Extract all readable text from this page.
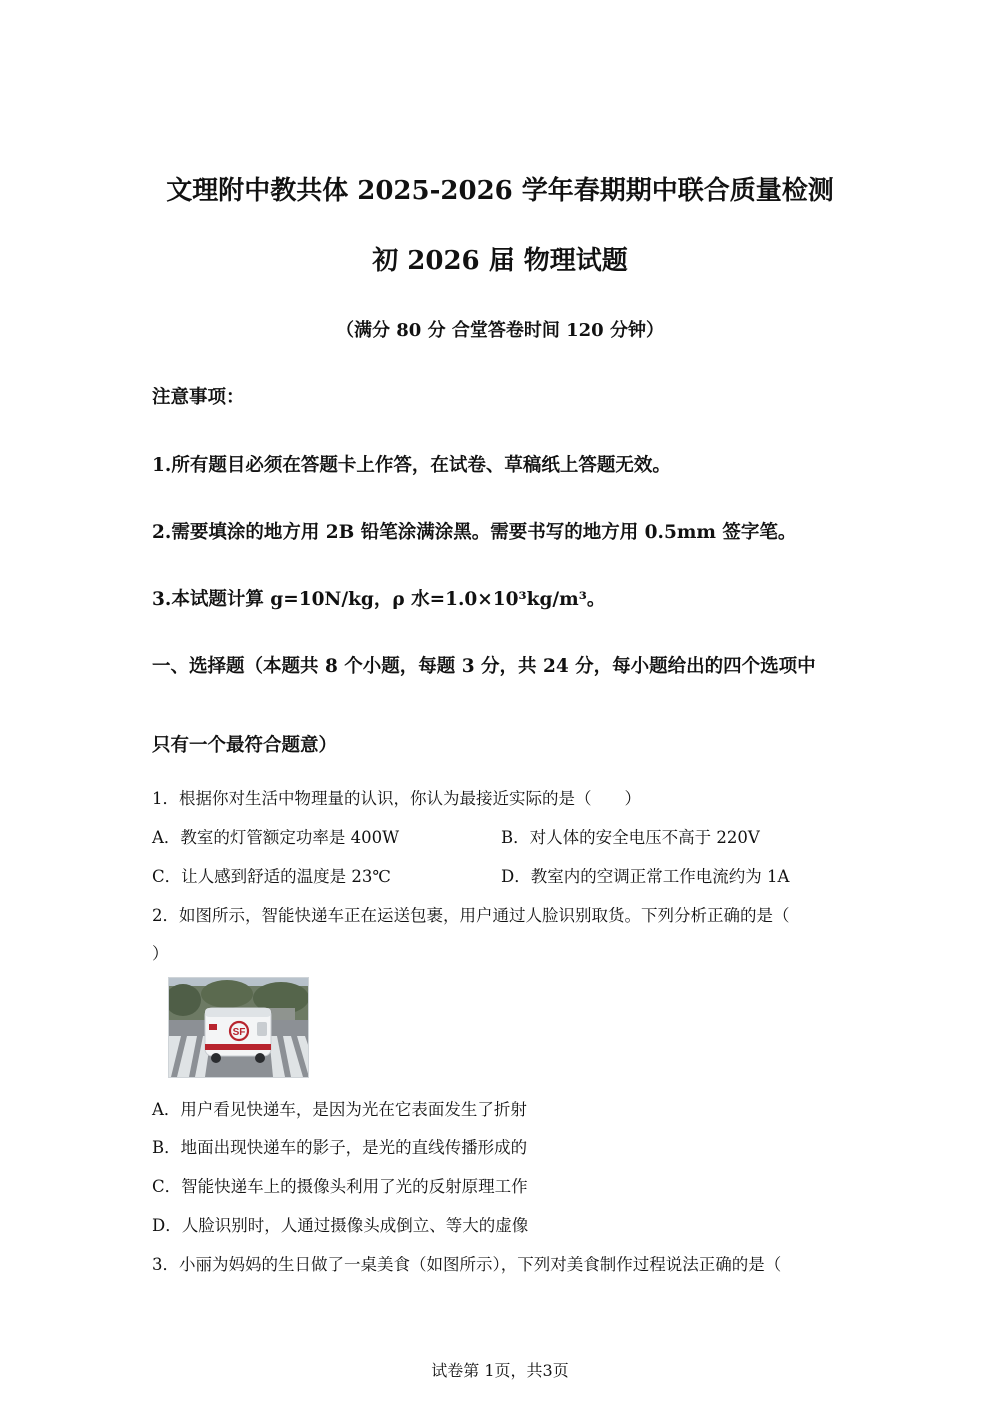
文理附中教共体 2025-2026 学年春期期中联合质量检测
初 2026 届 物理试题
（满分 80 分 合堂答卷时间 120 分钟）
注意事项：
1.所有题目必须在答题卡上作答，在试卷、草稿纸上答题无效。
2.需要填涂的地方用 2B 铅笔涂满涂黑。需要书写的地方用 0.5mm 签字笔。
3.本试题计算 g=10N/kg，ρ 水=1.0×10³kg/m³。
一、选择题（本题共 8 个小题，每题 3 分，共 24 分，每小题给出的四个选项中
只有一个最符合题意）
1．根据你对生活中物理量的认识，你认为最接近实际的是（　　）
A．教室的灯管额定功率是 400W	B．对人体的安全电压不高于 220V
C．让人感到舒适的温度是 23℃	D．教室内的空调正常工作电流约为 1A
2．如图所示，智能快递车正在运送包裹，用户通过人脸识别取货。下列分析正确的是（
）
SF
A．用户看见快递车，是因为光在它表面发生了折射
B．地面出现快递车的影子，是光的直线传播形成的
C．智能快递车上的摄像头利用了光的反射原理工作
D．人脸识别时，人通过摄像头成倒立、等大的虚像
3．小丽为妈妈的生日做了一桌美食（如图所示），下列对美食制作过程说法正确的是（
试卷第 1页，共3页
